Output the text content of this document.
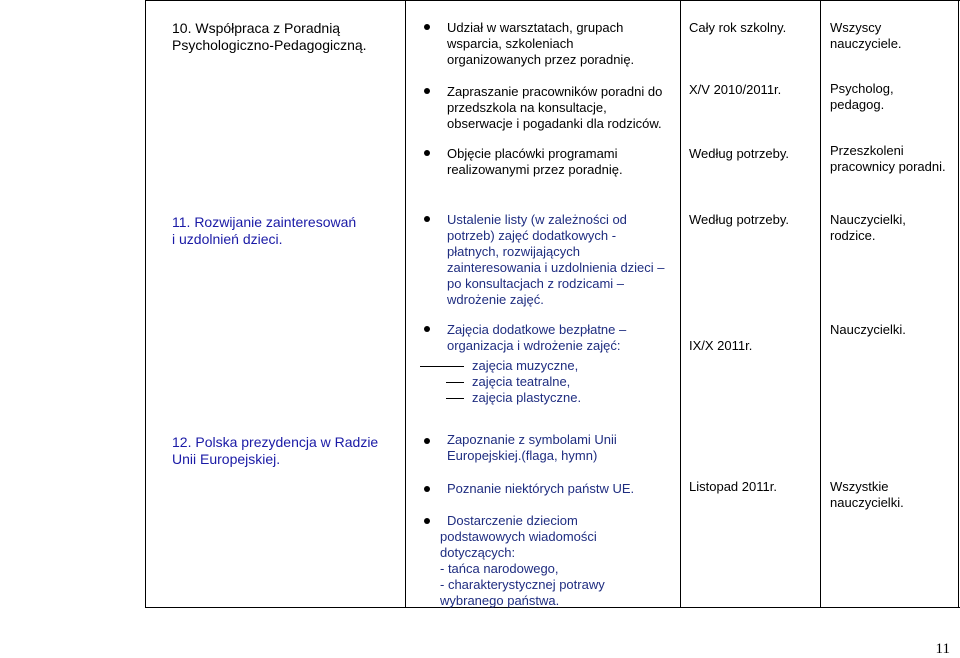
10. Współpraca z Poradnią
Psychologiczno-Pedagogiczną.
Udział w warsztatach, grupach
wsparcia, szkoleniach
organizowanych przez poradnię.
Zapraszanie pracowników poradni do
przedszkola na konsultacje,
obserwacje i pogadanki dla rodziców.
Objęcie placówki programami
realizowanymi przez poradnię.
Cały rok szkolny.
X/V 2010/2011r.
Według potrzeby.
Wszyscy
nauczyciele.
Psycholog,
pedagog.
Przeszkoleni
pracownicy poradni.
11. Rozwijanie zainteresowań
i uzdolnień dzieci.
Ustalenie listy (w zależności od
potrzeb) zajęć dodatkowych -
płatnych, rozwijających
zainteresowania i uzdolnienia dzieci –
po konsultacjach z rodzicami –
wdrożenie zajęć.
Zajęcia dodatkowe bezpłatne –
organizacja i wdrożenie zajęć:
zajęcia muzyczne,
zajęcia teatralne,
zajęcia plastyczne.
Według potrzeby.
IX/X 2011r.
Nauczycielki,
rodzice.
Nauczycielki.
12. Polska prezydencja w Radzie
Unii Europejskiej.
Zapoznanie z symbolami Unii
Europejskiej.(flaga, hymn)
Poznanie niektórych państw UE.
Dostarczenie dzieciom
podstawowych wiadomości
dotyczących:
- tańca narodowego,
- charakterystycznej potrawy
wybranego państwa.
Listopad 2011r.	Wszystkie
nauczycielki.
11
